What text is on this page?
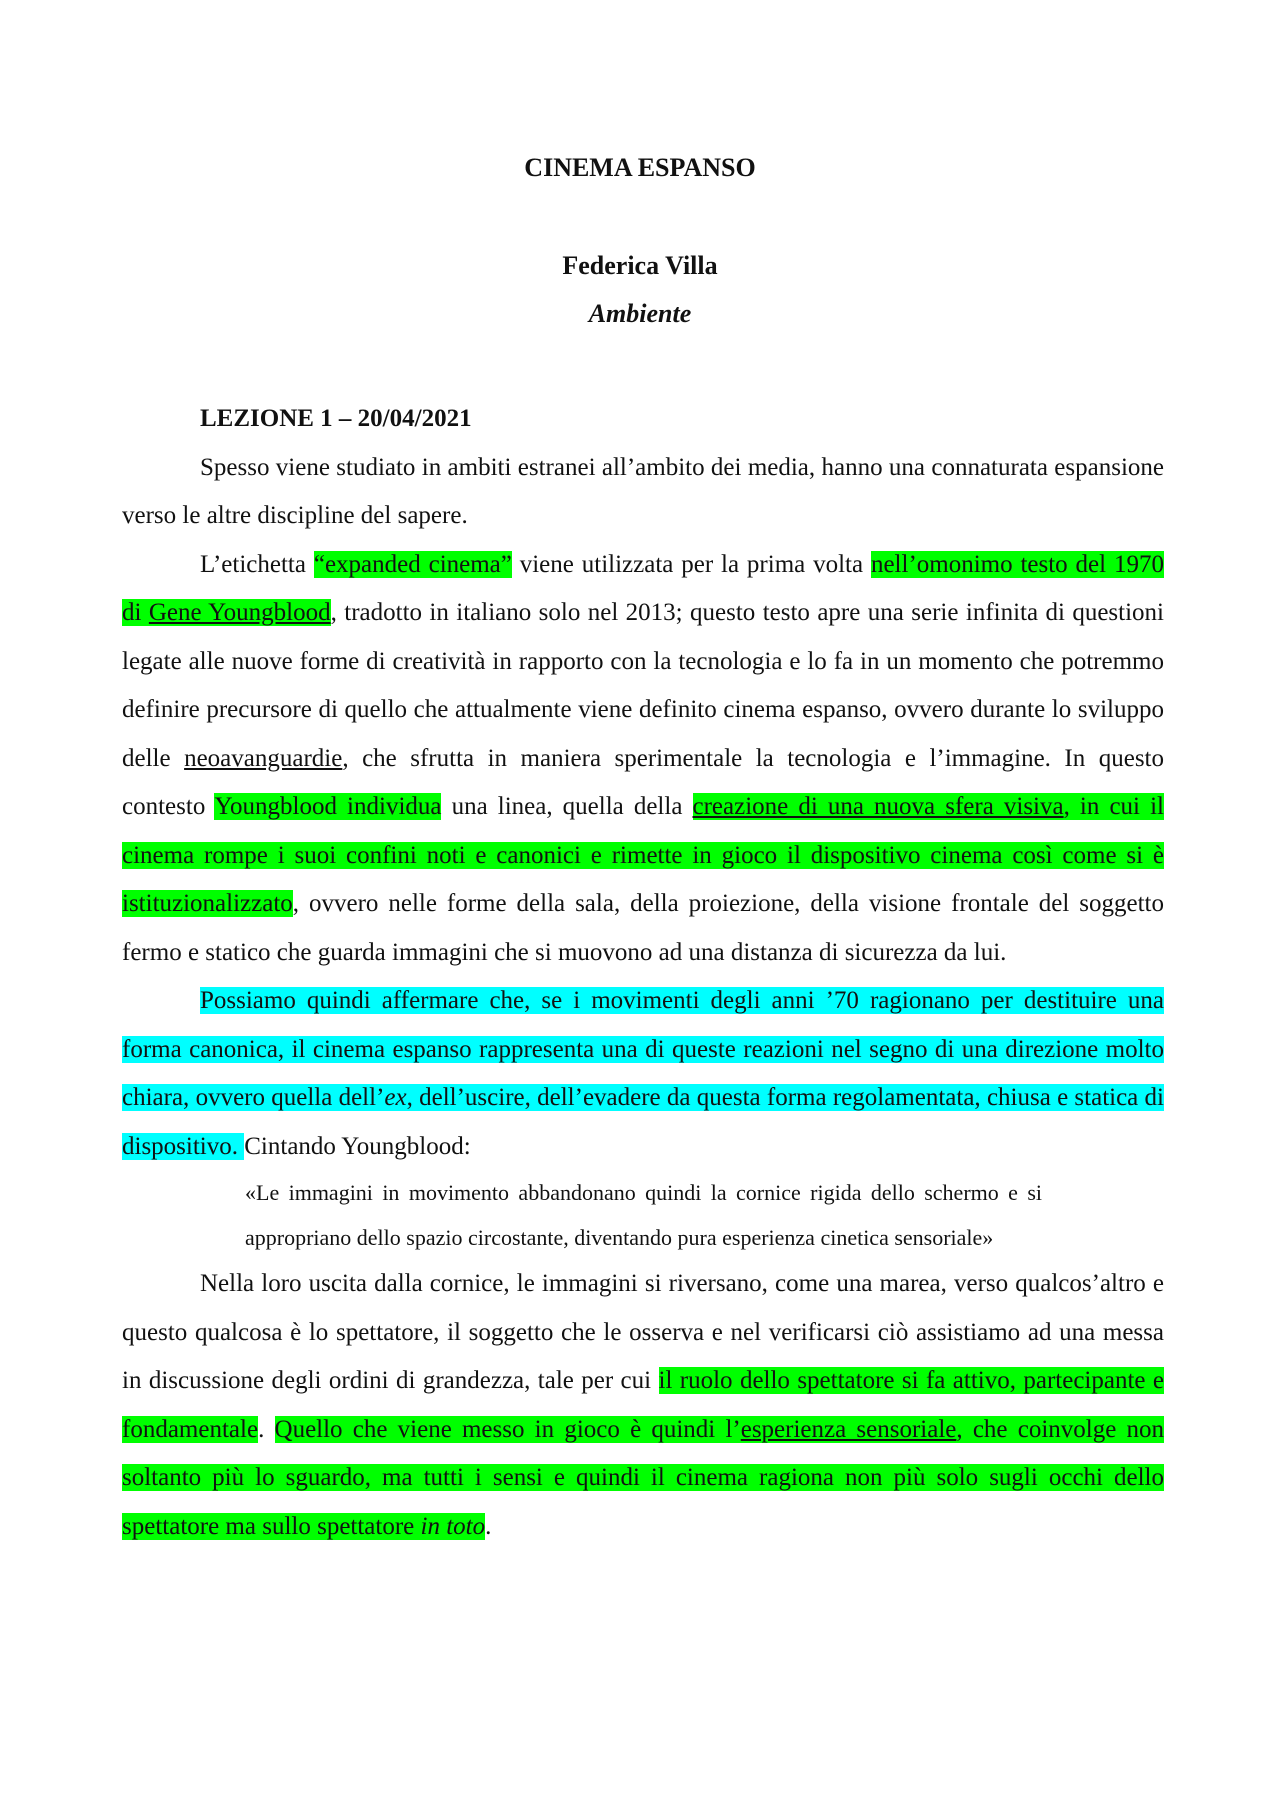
CINEMA ESPANSO
Federica Villa
Ambiente

LEZIONE 1 – 20/04/2021

Spesso viene studiato in ambiti estranei all’ambito dei media, hanno una connaturata espansione verso le altre discipline del sapere.

L’etichetta “expanded cinema” viene utilizzata per la prima volta nell’omonimo testo del 1970 di Gene Youngblood, tradotto in italiano solo nel 2013; questo testo apre una serie infinita di questioni legate alle nuove forme di creatività in rapporto con la tecnologia e lo fa in un momento che potremmo definire precursore di quello che attualmente viene definito cinema espanso, ovvero durante lo sviluppo delle neoavanguardie, che sfrutta in maniera sperimentale la tecnologia e l’immagine. In questo contesto Youngblood individua una linea, quella della creazione di una nuova sfera visiva, in cui il cinema rompe i suoi confini noti e canonici e rimette in gioco il dispositivo cinema così come si è istituzionalizzato, ovvero nelle forme della sala, della proiezione, della visione frontale del soggetto fermo e statico che guarda immagini che si muovono ad una distanza di sicurezza da lui.

Possiamo quindi affermare che, se i movimenti degli anni ’70 ragionano per destituire una forma canonica, il cinema espanso rappresenta una di queste reazioni nel segno di una direzione molto chiara, ovvero quella dell’ex, dell’uscire, dell’evadere da questa forma regolamentata, chiusa e statica di dispositivo. Cintando Youngblood:

«Le immagini in movimento abbandonano quindi la cornice rigida dello schermo e si appropriano dello spazio circostante, diventando pura esperienza cinetica sensoriale»

Nella loro uscita dalla cornice, le immagini si riversano, come una marea, verso qualcos’altro e questo qualcosa è lo spettatore, il soggetto che le osserva e nel verificarsi ciò assistiamo ad una messa in discussione degli ordini di grandezza, tale per cui il ruolo dello spettatore si fa attivo, partecipante e fondamentale. Quello che viene messo in gioco è quindi l’esperienza sensoriale, che coinvolge non soltanto più lo sguardo, ma tutti i sensi e quindi il cinema ragiona non più solo sugli occhi dello spettatore ma sullo spettatore in toto.
